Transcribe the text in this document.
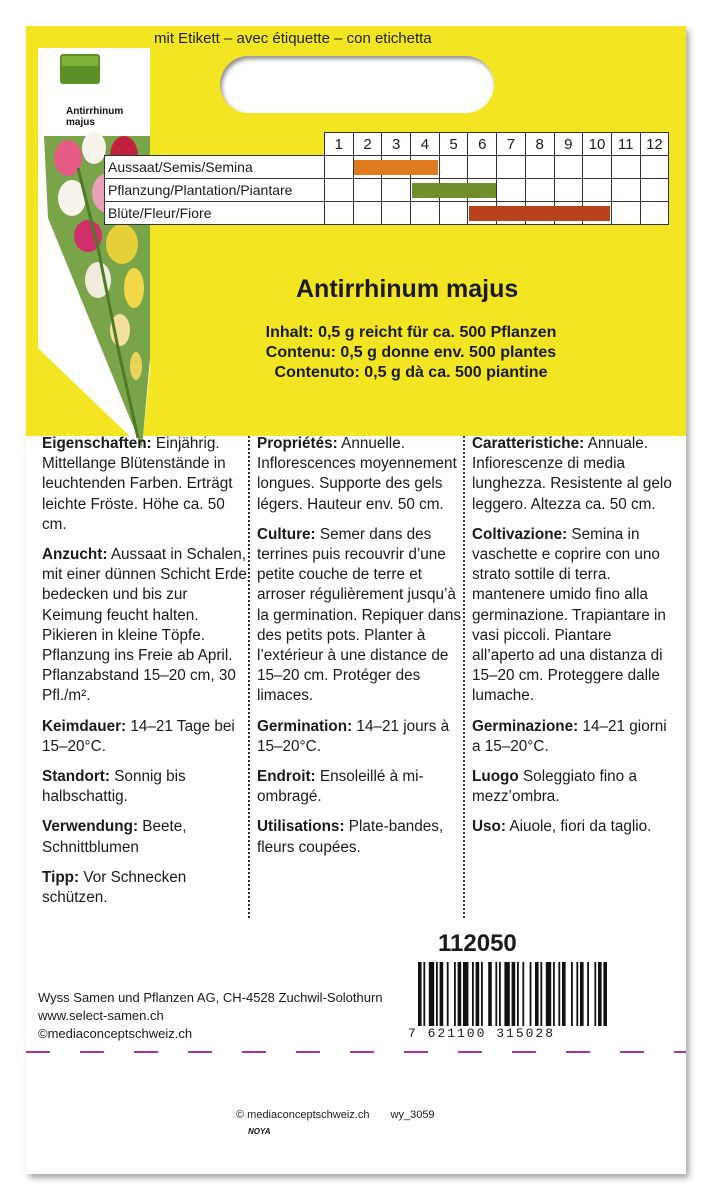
mit Etikett – avec étiquette – con etichetta
select
Antirrhinum majus
	1	2	3	4	5	6	7	8	9	10	11	12
Aussaat/Semis/Semina												
Pflanzung/Plantation/Piantare												
Blüte/Fleur/Fiore												
Antirrhinum majus
Inhalt: 0,5 g reicht für ca. 500 Pflanzen
Contenu: 0,5 g donne env. 500 plantes
Contenuto: 0,5 g dà ca. 500 piantine

Eigenschaften: Einjährig. Mittellange Blütenstände in leuchtenden Farben. Erträgt leichte Fröste. Höhe ca. 50 cm.

Anzucht: Aussaat in Schalen, mit einer dünnen Schicht Erde bedecken und bis zur Keimung feucht halten. Pikieren in kleine Töpfe. Pflanzung ins Freie ab April. Pflanzabstand 15–20 cm, 30 Pfl./m².

Keimdauer: 14–21 Tage bei 15–20°C.

Standort: Sonnig bis halbschattig.

Verwendung: Beete, Schnittblumen

Tipp: Vor Schnecken schützen.

Propriétés: Annuelle. Inflorescences moyennement longues. Supporte des gels légers. Hauteur env. 50 cm.

Culture: Semer dans des terrines puis recouvrir d’une petite couche de terre et arroser régulièrement jusqu’à la germination. Repiquer dans des petits pots. Planter à l’extérieur à une distance de 15–20 cm. Protéger des limaces.

Germination: 14–21 jours à 15–20°C.

Endroit: Ensoleillé à mi-ombragé.

Utilisations: Plate-bandes, fleurs coupées.

Caratteristiche: Annuale. Infiorescenze di media lunghezza. Resistente al gelo leggero. Altezza ca. 50 cm.

Coltivazione: Semina in vaschette e coprire con uno strato sottile di terra. mantenere umido fino alla germinazione. Trapiantare in vasi piccoli. Piantare all’aperto ad una distanza di 15–20 cm. Proteggere dalle lumache.

Germinazione: 14–21 giorni a 15–20°C.

Luogo Soleggiato fino a mezz’ombra.

Uso: Aiuole, fiori da taglio.

112050
7 621100 315028
Wyss Samen und Pflanzen AG, CH-4528 Zuchwil-Solothurn
www.select-samen.ch
©mediaconceptschweiz.ch
© mediaconceptschweiz.ch wy_3059
NOYA
